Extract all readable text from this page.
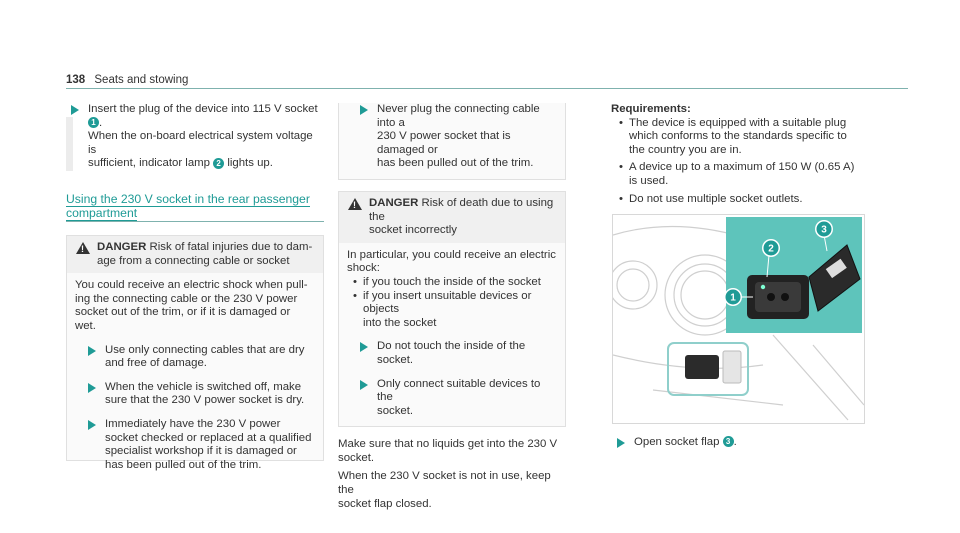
138 Seats and stowing
Insert the plug of the device into 115 V socket
1 .
When the on-board electrical system voltage is
sufficient, indicator lamp 2 lights up.
Using the 230 V socket in the rear passenger
compartment
!
DANGER Risk of fatal injuries due to dam-
age from a connecting cable or socket
You could receive an electric shock when pull-
ing the connecting cable or the 230 V power
socket out of the trim, or if it is damaged or
wet.
Use only connecting cables that are dry
and free of damage.
When the vehicle is switched off, make
sure that the 230 V power socket is dry.
Immediately have the 230 V power
socket checked or replaced at a qualified
specialist workshop if it is damaged or
has been pulled out of the trim.
Never plug the connecting cable into a
230 V power socket that is damaged or
has been pulled out of the trim.
!
DANGER Risk of death due to using the
socket incorrectly
In particular, you could receive an electric
shock:
• if you touch the inside of the socket
• if you insert unsuitable devices or objects
into the socket
Do not touch the inside of the socket.
Only connect suitable devices to the
socket.
Make sure that no liquids get into the 230 V
socket.
When the 230 V socket is not in use, keep the
socket flap closed.
Requirements:
• The device is equipped with a suitable plug
which conforms to the standards specific to
the country you are in.
• A device up to a maximum of 150 W (0.65 A)
is used.
• Do not use multiple socket outlets.
1
2
3
Open socket flap 3 .
